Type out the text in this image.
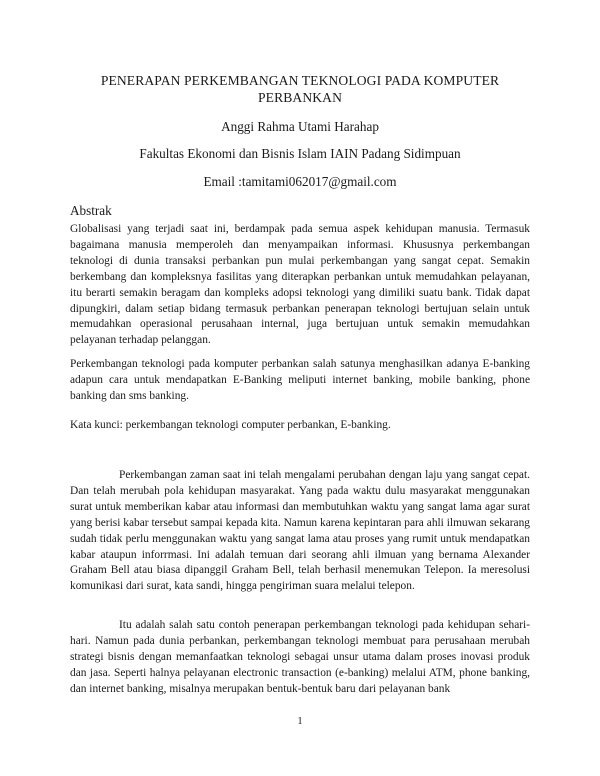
PENERAPAN PERKEMBANGAN TEKNOLOGI PADA KOMPUTER PERBANKAN
Anggi Rahma Utami Harahap
Fakultas Ekonomi dan Bisnis Islam IAIN Padang Sidimpuan
Email :tamitami062017@gmail.com
Abstrak

Globalisasi yang terjadi saat ini, berdampak pada semua aspek kehidupan manusia. Termasuk bagaimana manusia memperoleh dan menyampaikan informasi. Khususnya perkembangan teknologi di dunia transaksi perbankan pun mulai perkembangan yang sangat cepat. Semakin berkembang dan kompleksnya fasilitas yang diterapkan perbankan untuk memudahkan pelayanan, itu berarti semakin beragam dan kompleks adopsi teknologi yang dimiliki suatu bank. Tidak dapat dipungkiri, dalam setiap bidang termasuk perbankan penerapan teknologi bertujuan selain untuk memudahkan operasional perusahaan internal, juga bertujuan untuk semakin memudahkan pelayanan terhadap pelanggan.

Perkembangan teknologi pada komputer perbankan salah satunya menghasilkan adanya E-banking adapun cara untuk mendapatkan E-Banking meliputi internet banking, mobile banking, phone banking dan sms banking.

Kata kunci: perkembangan teknologi computer perbankan, E-banking.

Perkembangan zaman saat ini telah mengalami perubahan dengan laju yang sangat cepat. Dan telah merubah pola kehidupan masyarakat. Yang pada waktu dulu masyarakat menggunakan surat untuk memberikan kabar atau informasi dan membutuhkan waktu yang sangat lama agar surat yang berisi kabar tersebut sampai kepada kita. Namun karena kepintaran para ahli ilmuwan sekarang sudah tidak perlu menggunakan waktu yang sangat lama atau proses yang rumit untuk mendapatkan kabar ataupun inforrmasi. Ini adalah temuan dari seorang ahli ilmuan yang bernama Alexander Graham Bell atau biasa dipanggil Graham Bell, telah berhasil menemukan Telepon. Ia meresolusi komunikasi dari surat, kata sandi, hingga pengiriman suara melalui telepon.

Itu adalah salah satu contoh penerapan perkembangan teknologi pada kehidupan sehari-hari. Namun pada dunia perbankan, perkembangan teknologi membuat para perusahaan merubah strategi bisnis dengan memanfaatkan teknologi sebagai unsur utama dalam proses inovasi produk dan jasa. Seperti halnya pelayanan electronic transaction (e-banking) melalui ATM, phone banking, dan internet banking, misalnya merupakan bentuk-bentuk baru dari pelayanan bank

1
